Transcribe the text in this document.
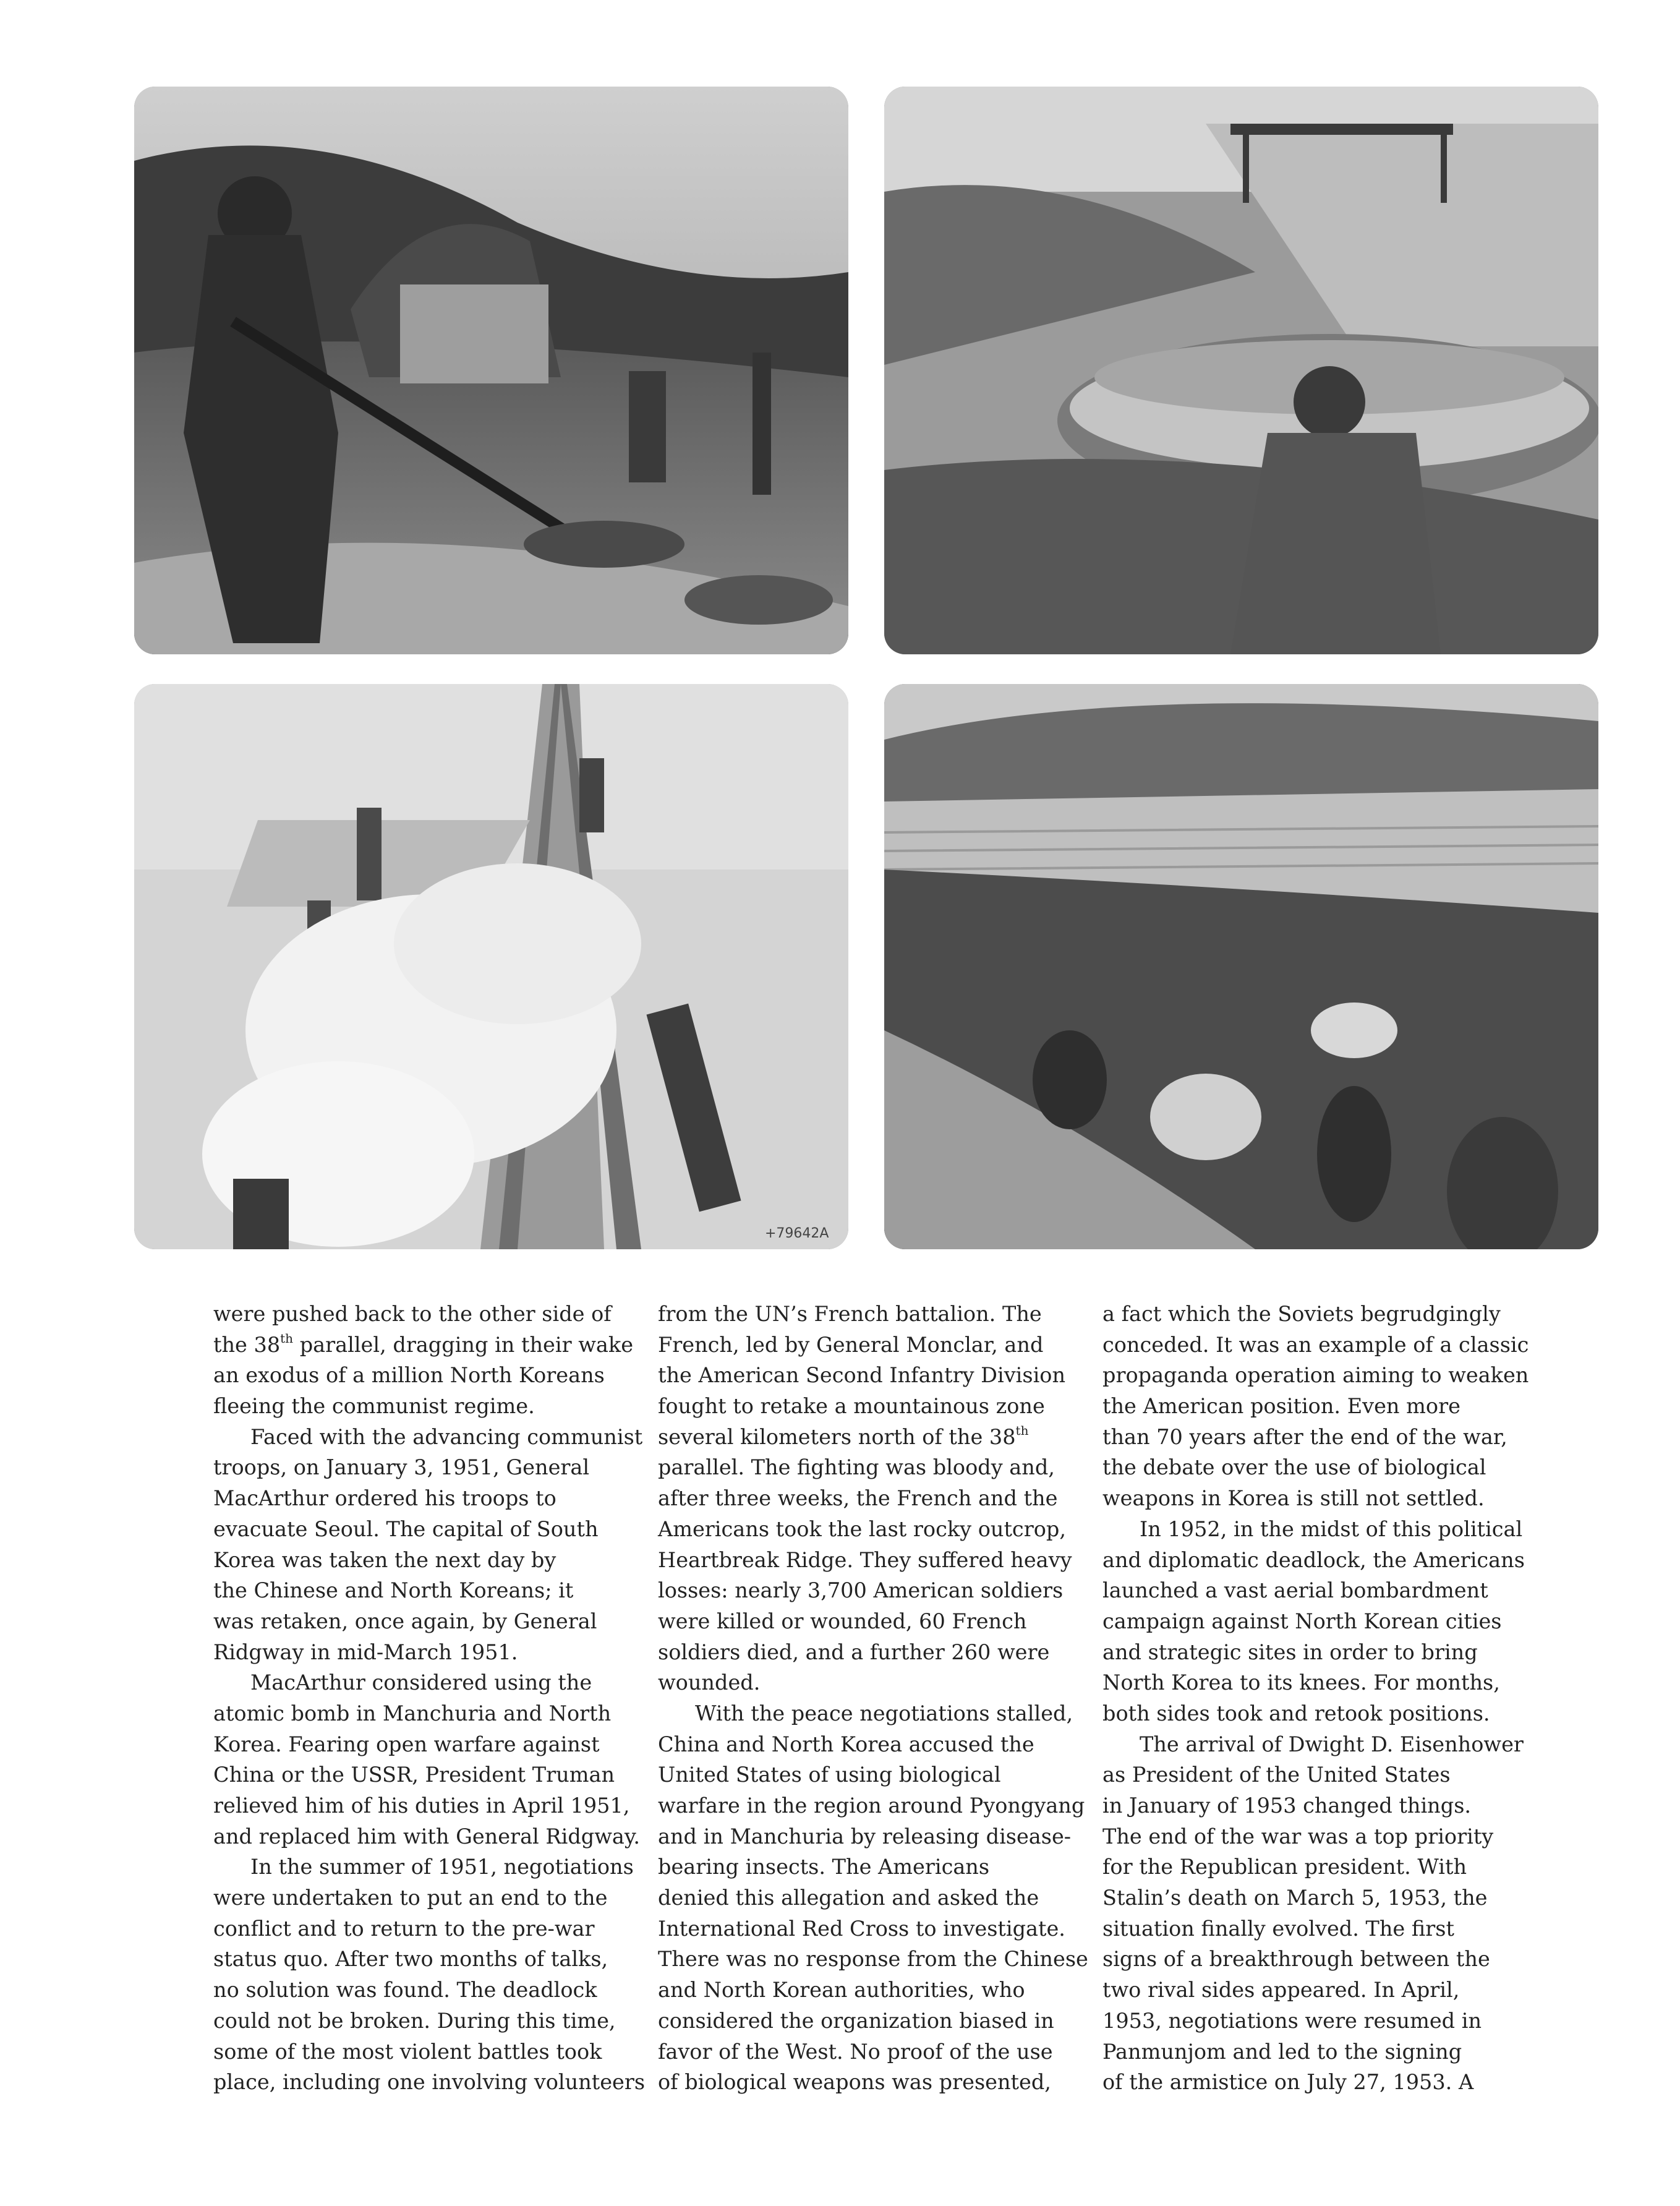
+79642A
were pushed back to the other side of
the 38th parallel, dragging in their wake
an exodus of a million North Koreans
fleeing the communist regime.
Faced with the advancing communist
troops, on January 3, 1951, General
MacArthur ordered his troops to
evacuate Seoul. The capital of South
Korea was taken the next day by
the Chinese and North Koreans; it
was retaken, once again, by General
Ridgway in mid-March 1951.
MacArthur considered using the
atomic bomb in Manchuria and North
Korea. Fearing open warfare against
China or the USSR, President Truman
relieved him of his duties in April 1951,
and replaced him with General Ridgway.
In the summer of 1951, negotiations
were undertaken to put an end to the
conflict and to return to the pre-war
status quo. After two months of talks,
no solution was found. The deadlock
could not be broken. During this time,
some of the most violent battles took
place, including one involving volunteers
from the UN’s French battalion. The
French, led by General Monclar, and
the American Second Infantry Division
fought to retake a mountainous zone
several kilometers north of the 38th
parallel. The fighting was bloody and,
after three weeks, the French and the
Americans took the last rocky outcrop,
Heartbreak Ridge. They suffered heavy
losses: nearly 3,700 American soldiers
were killed or wounded, 60 French
soldiers died, and a further 260 were
wounded.
With the peace negotiations stalled,
China and North Korea accused the
United States of using biological
warfare in the region around Pyongyang
and in Manchuria by releasing disease-
bearing insects. The Americans
denied this allegation and asked the
International Red Cross to investigate.
There was no response from the Chinese
and North Korean authorities, who
considered the organization biased in
favor of the West. No proof of the use
of biological weapons was presented,
a fact which the Soviets begrudgingly
conceded. It was an example of a classic
propaganda operation aiming to weaken
the American position. Even more
than 70 years after the end of the war,
the debate over the use of biological
weapons in Korea is still not settled.
In 1952, in the midst of this political
and diplomatic deadlock, the Americans
launched a vast aerial bombardment
campaign against North Korean cities
and strategic sites in order to bring
North Korea to its knees. For months,
both sides took and retook positions.
The arrival of Dwight D. Eisenhower
as President of the United States
in January of 1953 changed things.
The end of the war was a top priority
for the Republican president. With
Stalin’s death on March 5, 1953, the
situation finally evolved. The first
signs of a breakthrough between the
two rival sides appeared. In April,
1953, negotiations were resumed in
Panmunjom and led to the signing
of the armistice on July 27, 1953. A
